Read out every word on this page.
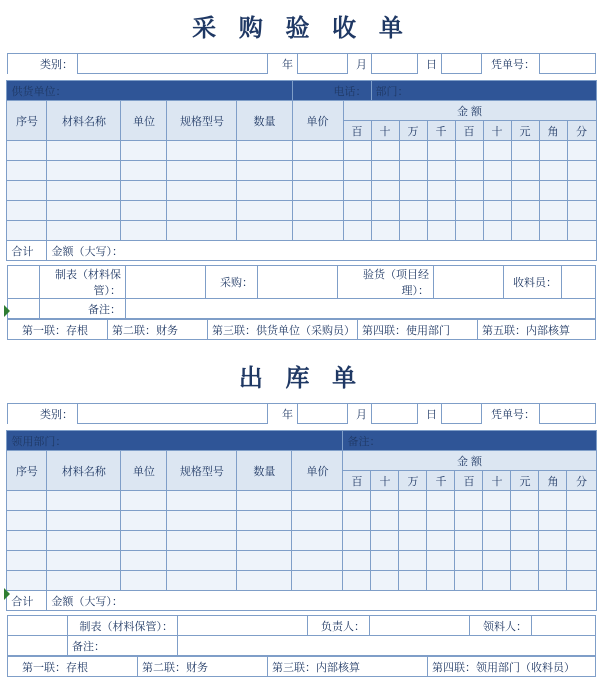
采 购 验 收 单
类别：		年		月		日		凭单号：	
供货单位：					电话：		部门：							
序号	材料名称	单位	规格型号	数量	单价	金 额								
						百	十	万	千	百	十	元	角	分

合计	金额（大写）：													
	制表（材料保管）：		采购：		验货（项目经理）：		收料员：	
	备注：							
第一联：存根	第二联：财务	第三联：供货单位（采购员）	第四联：使用部门	第五联：内部核算
出 库 单
类别：		年		月		日		凭单号：	
领用部门：						备注：								
序号	材料名称	单位	规格型号	数量	单价	金 额								
						百	十	万	千	百	十	元	角	分

合计	金额（大写）：													
	制表（材料保管）：		负责人：		领料人：	
	备注：					
第一联：存根	第二联：财务	第三联：内部核算	第四联：领用部门（收料员）
